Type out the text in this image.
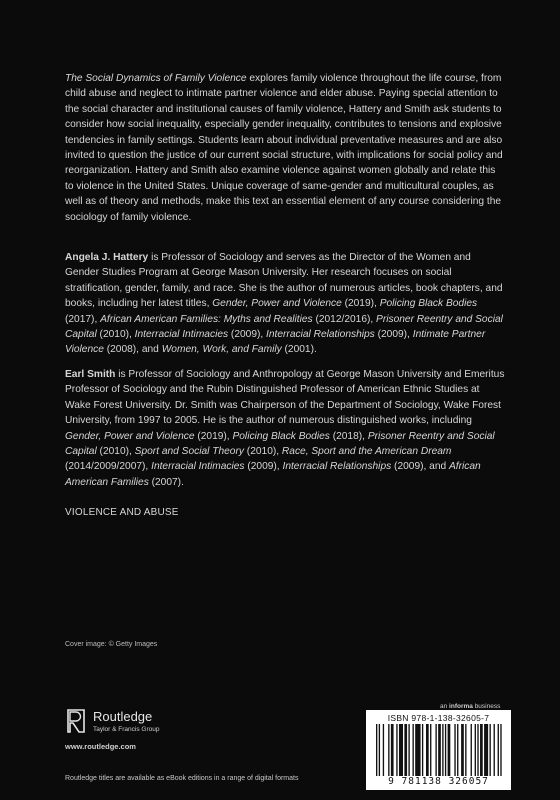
The Social Dynamics of Family Violence explores family violence throughout the life course, from child abuse and neglect to intimate partner violence and elder abuse. Paying special attention to the social character and institutional causes of family violence, Hattery and Smith ask students to consider how social inequality, especially gender inequality, contributes to tensions and explosive tendencies in family settings. Students learn about individual preventative measures and are also invited to question the justice of our current social structure, with implications for social policy and reorganization. Hattery and Smith also examine violence against women globally and relate this to violence in the United States. Unique coverage of same-gender and multicultural couples, as well as of theory and methods, make this text an essential element of any course considering the sociology of family violence.
Angela J. Hattery is Professor of Sociology and serves as the Director of the Women and Gender Studies Program at George Mason University. Her research focuses on social stratification, gender, family, and race. She is the author of numerous articles, book chapters, and books, including her latest titles, Gender, Power and Violence (2019), Policing Black Bodies (2017), African American Families: Myths and Realities (2012/2016), Prisoner Reentry and Social Capital (2010), Interracial Intimacies (2009), Interracial Relationships (2009), Intimate Partner Violence (2008), and Women, Work, and Family (2001).
Earl Smith is Professor of Sociology and Anthropology at George Mason University and Emeritus Professor of Sociology and the Rubin Distinguished Professor of American Ethnic Studies at Wake Forest University. Dr. Smith was Chairperson of the Department of Sociology, Wake Forest University, from 1997 to 2005. He is the author of numerous distinguished works, including Gender, Power and Violence (2019), Policing Black Bodies (2018), Prisoner Reentry and Social Capital (2010), Sport and Social Theory (2010), Race, Sport and the American Dream (2014/2009/2007), Interracial Intimacies (2009), Interracial Relationships (2009), and African American Families (2007).
VIOLENCE AND ABUSE
Cover image: © Getty Images
Routledge
Taylor & Francis Group
www.routledge.com
Routledge titles are available as eBook editions in a range of digital formats
an informa business
ISBN 978-1-138-32605-7
9 781138 326057
